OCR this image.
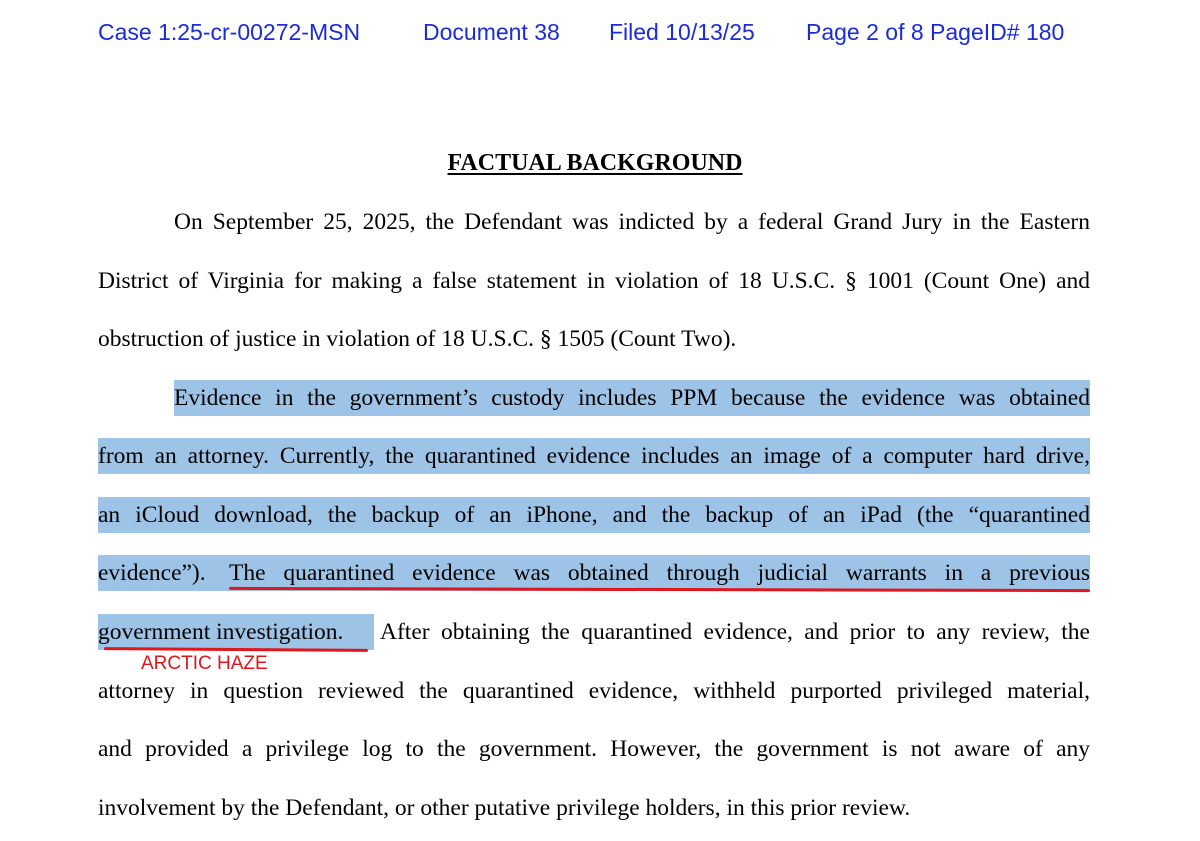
Case 1:25-cr-00272-MSN	Document 38 Filed 10/13/25 Page 2 of 8 PageID# 180
FACTUAL BACKGROUND
On September 25, 2025, the Defendant was indicted by a federal Grand Jury in the Eastern
District of Virginia for making a false statement in violation of 18 U.S.C. § 1001 (Count One) and
obstruction of justice in violation of 18 U.S.C. § 1505 (Count Two).
Evidence in the government’s custody includes PPM because the evidence was obtained
from an attorney. Currently, the quarantined evidence includes an image of a computer hard drive,
an iCloud download, the backup of an iPhone, and the backup of an iPad (the “quarantined
evidence”). The quarantined evidence was obtained through judicial warrants in a previous
government investigation.	After obtaining the quarantined evidence, and prior to any review, the
attorney in question reviewed the quarantined evidence, withheld purported privileged material,
and provided a privilege log to the government. However, the government is not aware of any
involvement by the Defendant, or other putative privilege holders, in this prior review.
ARCTIC HAZE
